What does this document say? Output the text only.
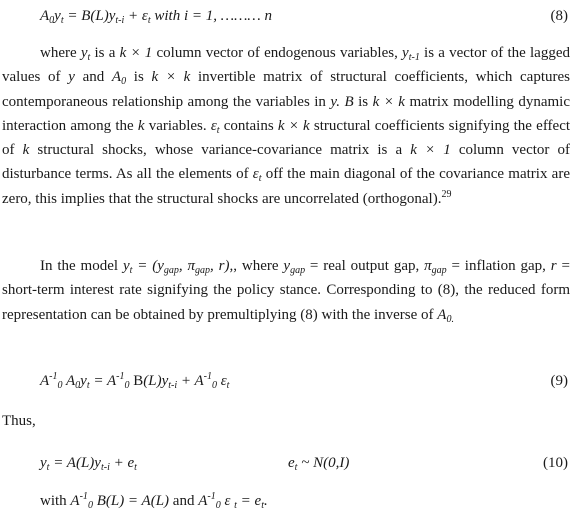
$A_0y_t = B(L)y_{t-i} + \varepsilon_t$ with i = 1, ……… n	(8)

where $y_t$ is a k × 1 column vector of endogenous variables, $y_{t-1}$ is a vector of the lagged values of y and $A_0$ is k × k invertible matrix of structural coefficients, which captures contemporaneous relationship among the variables in y. B is k × k matrix modelling dynamic interaction among the k variables. $\varepsilon_t$ contains k × k structural coefficients signifying the effect of k structural shocks, whose variance-covariance matrix is a k × 1 column vector of disturbance terms. As all the elements of $\varepsilon_t$ off the main diagonal of the covariance matrix are zero, this implies that the structural shocks are uncorrelated (orthogonal).$^{29}$

In the model $y_t = (y_{gap}$, $\pi_{gap}$, r),, where $y_{gap}$ = real output gap, $\pi_{gap}$ = inflation gap, r = short-term interest rate signifying the policy stance. Corresponding to (8), the reduced form representation can be obtained by premultiplying (8) with the inverse of $A_{0.}$

$A^{-1}_0$ $A_0y_t = A^{-1}_0$ $B(L)y_{t-i} + A^{-1}_0$ $\varepsilon_t$	(9)
Thus,
$y_t = A(L)y_{t-i} + e_t$	$e_t$ ~ N(0,I)	(10)
with $A^{-1}_0$ B(L) = A(L) and $A^{-1}_0$ ε $_t = e_t$.
